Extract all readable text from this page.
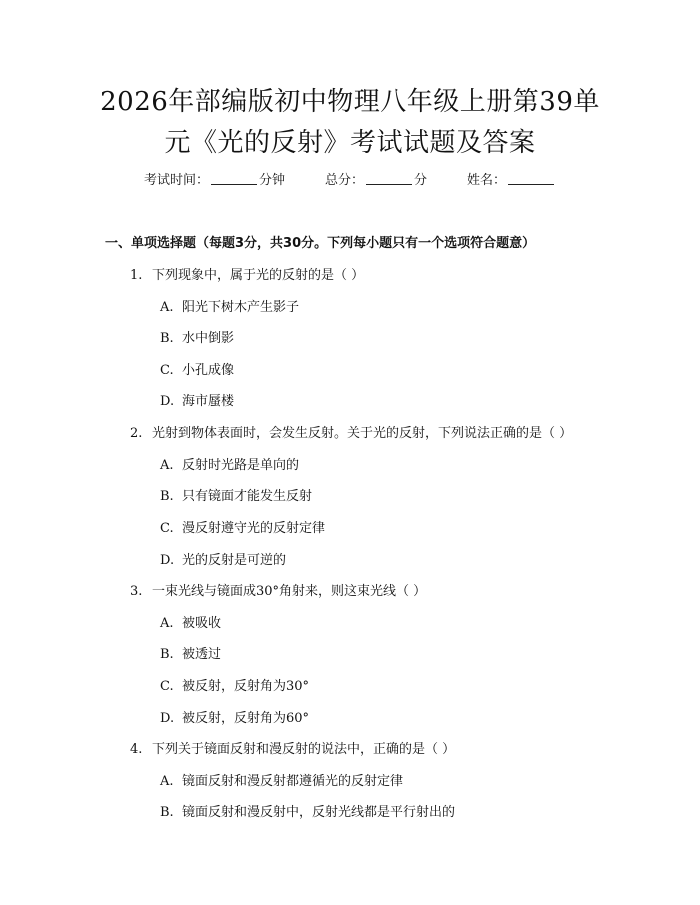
2026年部编版初中物理八年级上册第39单
元《光的反射》考试试题及答案
考试时间：	分钟	总分：	分	姓名：
一、单项选择题（每题3分，共30分。下列每小题只有一个选项符合题意）
1. 下列现象中，属于光的反射的是（ ）
A. 阳光下树木产生影子
B. 水中倒影
C. 小孔成像
D. 海市蜃楼
2. 光射到物体表面时，会发生反射。关于光的反射，下列说法正确的是（ ）
A. 反射时光路是单向的
B. 只有镜面才能发生反射
C. 漫反射遵守光的反射定律
D. 光的反射是可逆的
3. 一束光线与镜面成30°角射来，则这束光线（ ）
A. 被吸收
B. 被透过
C. 被反射，反射角为30°
D. 被反射，反射角为60°
4. 下列关于镜面反射和漫反射的说法中，正确的是（ ）
A. 镜面反射和漫反射都遵循光的反射定律
B. 镜面反射和漫反射中，反射光线都是平行射出的
